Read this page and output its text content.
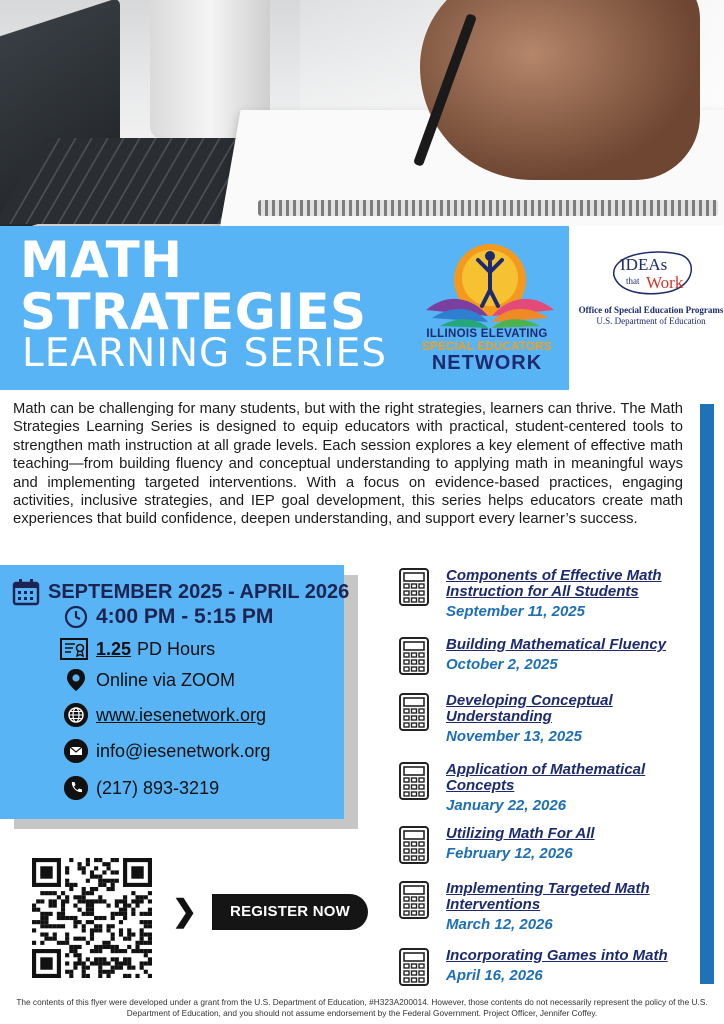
MATH
STRATEGIES
LEARNING SERIES	ILLINOIS ELEVATING
SPECIAL EDUCATORS
NETWORK
IDEAs
that Work
Office of Special Education Programs
U.S. Department of Education

Math can be challenging for many students, but with the right strategies, learners can thrive. The Math Strategies Learning Series is designed to equip educators with practical, student-centered tools to strengthen math instruction at all grade levels. Each session explores a key element of effective math teaching—from building fluency and conceptual understanding to applying math in meaningful ways and implementing targeted interventions. With a focus on evidence-based practices, engaging activities, inclusive strategies, and IEP goal development, this series helps educators create math experiences that build confidence, deepen understanding, and support every learner’s success.

SEPTEMBER 2025 - APRIL 2026
4:00 PM - 5:15 PM
1.25 PD Hours
Online via ZOOM
www.iesenetwork.org
info@iesenetwork.org
(217) 893-3219
❯	REGISTER NOW
Components of Effective Math Instruction for All Students
September 11, 2025
Building Mathematical Fluency
October 2, 2025
Developing Conceptual Understanding
November 13, 2025
Application of Mathematical Concepts
January 22, 2026
Utilizing Math For All
February 12, 2026
Implementing Targeted Math Interventions
March 12, 2026
Incorporating Games into Math
April 16, 2026

The contents of this flyer were developed under a grant from the U.S. Department of Education, #H323A200014. However, those contents do not necessarily represent the policy of the U.S. Department of Education, and you should not assume endorsement by the Federal Government. Project Officer, Jennifer Coffey.
